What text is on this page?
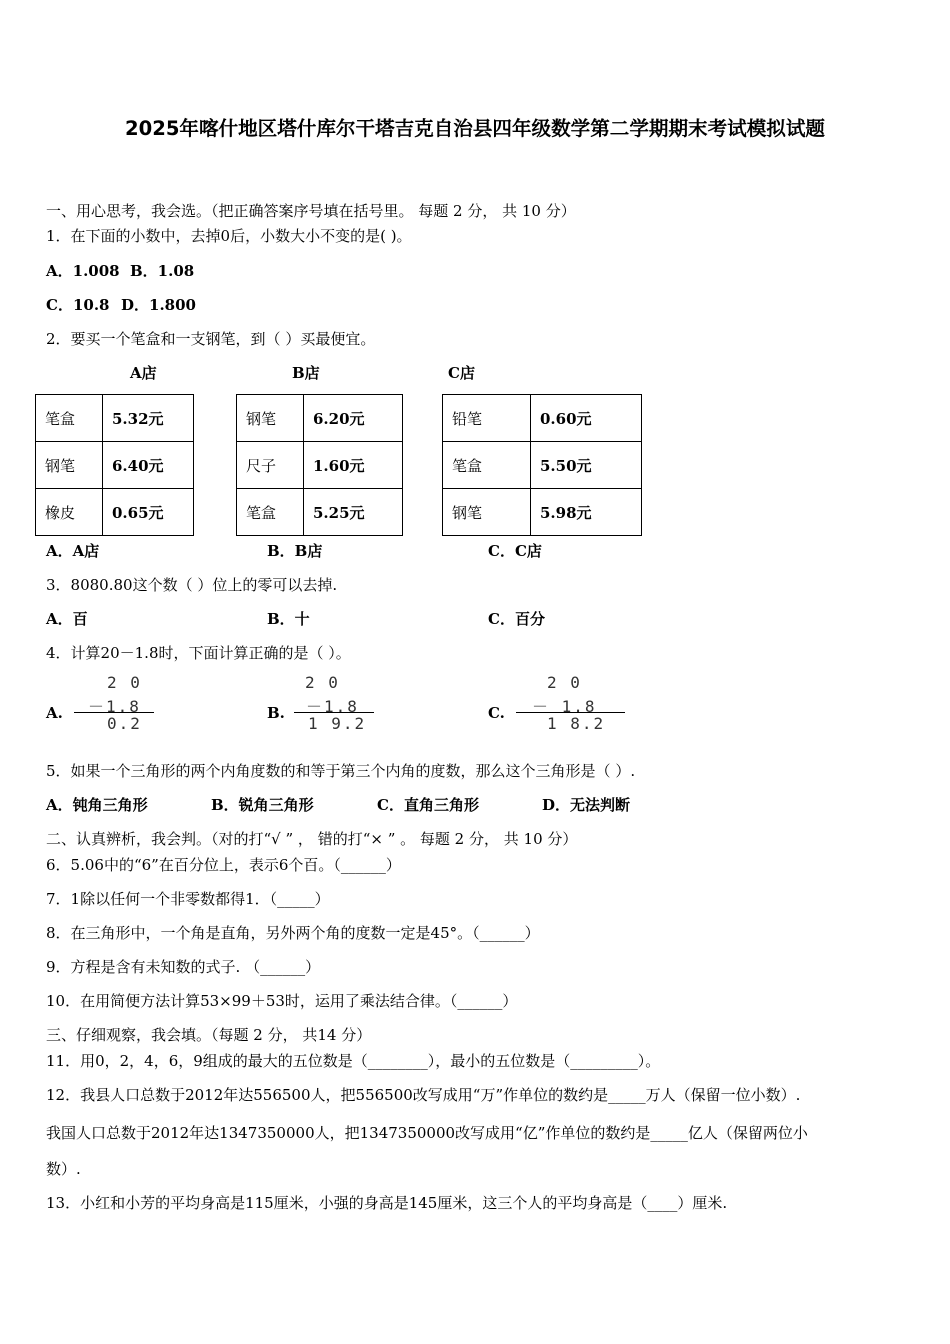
2025年喀什地区塔什库尔干塔吉克自治县四年级数学第二学期期末考试模拟试题
一、用心思考，我会选。（把正确答案序号填在括号里。 每题 2 分， 共 10 分）
1．在下面的小数中，去掉0后，小数大小不变的是( )。
A．1.008 B．1.08
C．10.8 D．1.800
2．要买一个笔盒和一支钢笔，到（ ）买最便宜。
A店	B店	C店
笔盒	5.32元
钢笔	6.40元
橡皮	0.65元
钢笔	6.20元
尺子	1.60元
笔盒	5.25元
铅笔	0.60元
笔盒	5.50元
钢笔	5.98元
A．A店	B．B店	C．C店
3．8080.80这个数（ ）位上的零可以去掉.
A．百	B．十	C．百分
4．计算20－1.8时，下面计算正确的是（ ）。
A.
2 0
－1.8
0.2
B.
2 0
－1.8
1 9.2
C.
2 0
－ 1.8
1 8.2
5．如果一个三角形的两个内角度数的和等于第三个内角的度数，那么这个三角形是（ ）.
A．钝角三角形	B．锐角三角形	C．直角三角形	D．无法判断
二、认真辨析，我会判。（对的打“√ ” ， 错的打“× ” 。 每题 2 分， 共 10 分）
6．5.06中的“6”在百分位上，表示6个百。（______）
7．1除以任何一个非零数都得1．（_____）
8．在三角形中，一个角是直角，另外两个角的度数一定是45°。（______）
9．方程是含有未知数的式子. （______）
10．在用简便方法计算53×99＋53时，运用了乘法结合律。（______）
三、仔细观察，我会填。（每题 2 分， 共14 分）
11．用0，2，4，6，9组成的最大的五位数是（________），最小的五位数是（_________）。
12．我县人口总数于2012年达556500人，把556500改写成用“万”作单位的数约是_____万人（保留一位小数）.
我国人口总数于2012年达1347350000人，把1347350000改写成用“亿”作单位的数约是_____亿人（保留两位小
数）.
13．小红和小芳的平均身高是115厘米，小强的身高是145厘米，这三个人的平均身高是（____）厘米.
